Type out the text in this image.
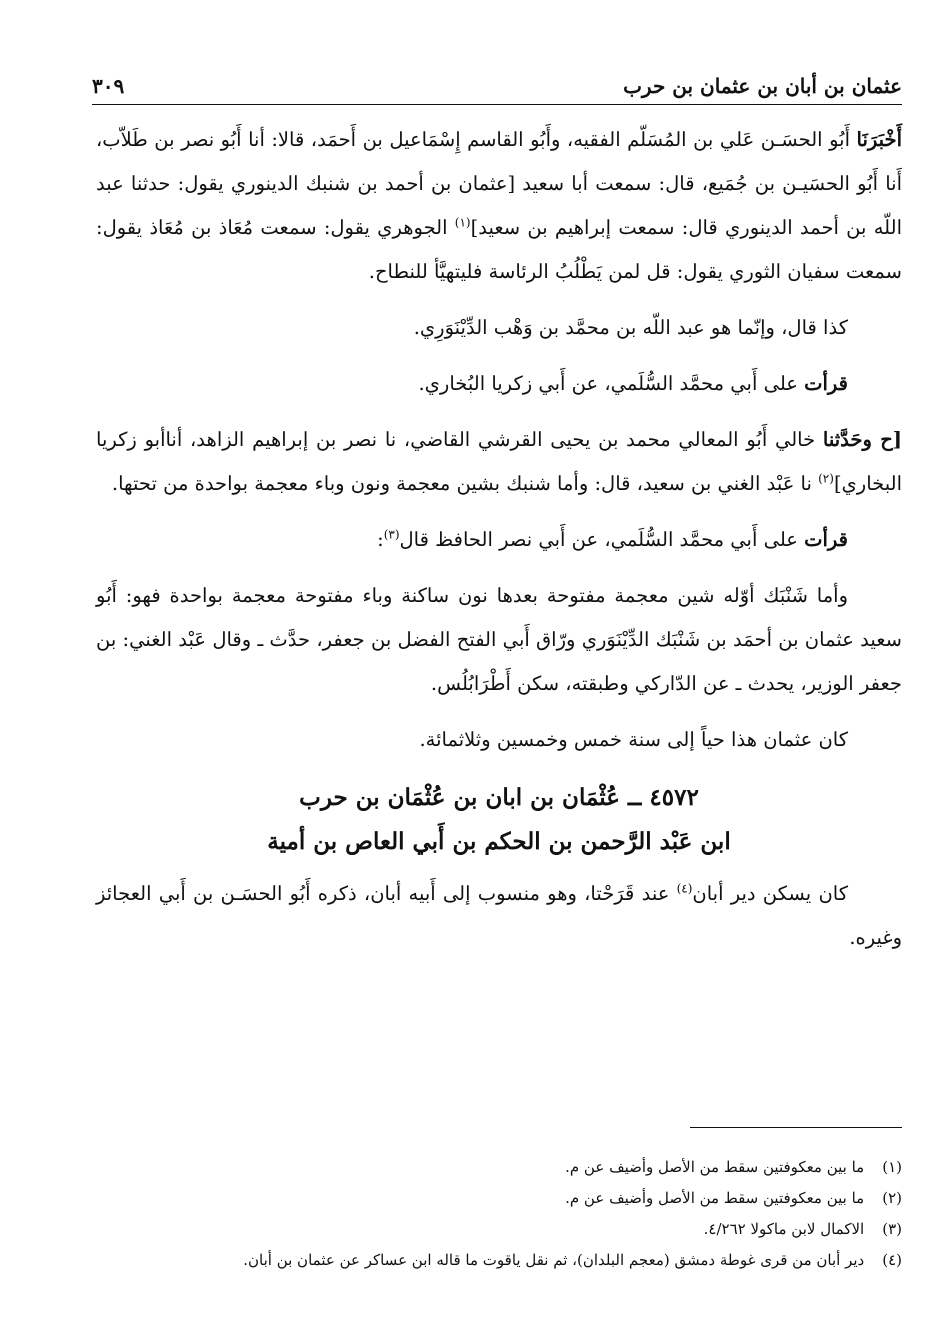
عثمان بن أبان بن عثمان بن حرب
٣٠٩

أَخْبَرَنَا أَبُو الحسَـن عَلي بن المُسَلّم الفقيه، وأَبُو القاسم إِسْمَاعيل بن أَحمَد، قالا: أنا أَبُو نصر بن طَلاّب، أَنا أَبُو الحسَيـن بن جُمَيع، قال: سمعت أبا سعيد [عثمان بن أحمد بن شنبك الدينوري يقول: حدثنا عبد اللّه بن أحمد الدينوري قال: سمعت إبراهيم بن سعيد]$^{(١)}$ الجوهري يقول: سمعت مُعَاذ بن مُعَاذ يقول: سمعت سفيان الثوري يقول: قل لمن يَطْلُبُ الرئاسة فليتهيَّأ للنطاح.

كذا قال، وإنّما هو عبد اللّه بن محمَّد بن وَهْب الدِّيْنَوَرِي.

قرأت على أَبي محمَّد السُّلَمي، عن أَبي زكريا البُخاري.

[ح وحَدَّثنا خالي أَبُو المعالي محمد بن يحيى القرشي القاضي، نا نصر بن إبراهيم الزاهد، أناأبو زكريا البخاري]$^{(٢)}$ نا عَبْد الغني بن سعيد، قال: وأما شنبك بشين معجمة ونون وباء معجمة بواحدة من تحتها.

قرأت على أَبي محمَّد السُّلَمي، عن أَبي نصر الحافظ قال$^{(٣)}$:

وأما شَنْبَك أوّله شين معجمة مفتوحة بعدها نون ساكنة وباء مفتوحة معجمة بواحدة فهو: أَبُو سعيد عثمان بن أحمَد بن شَنْبَك الدِّيْنَوَري ورّاق أَبي الفتح الفضل بن جعفر، حدَّث ـ وقال عَبْد الغني: بن جعفر الوزير، يحدث ـ عن الدّاركي وطبقته، سكن أَطْرَابُلُس.

كان عثمان هذا حياً إلى سنة خمس وخمسين وثلاثمائة.

٤٥٧٢ ــ عُثْمَان بن ابان بن عُثْمَان بن حرب
ابن عَبْد الرَّحمن بن الحكم بن أَبي العاص بن أمية

كان يسكن دير أبان$^{(٤)}$ عند قَرَحْتا، وهو منسوب إلى أَبيه أبان، ذكره أَبُو الحسَـن بن أَبي العجائز وغيره.

(١)
ما بين معكوفتين سقط من الأصل وأضيف عن م.
(٢)
ما بين معكوفتين سقط من الأصل وأضيف عن م.
(٣)
الاكمال لابن ماكولا ٤/٢٦٢.
(٤)
دير أبان من قرى غوطة دمشق (معجم البلدان)، ثم نقل ياقوت ما قاله ابن عساكر عن عثمان بن أبان.
